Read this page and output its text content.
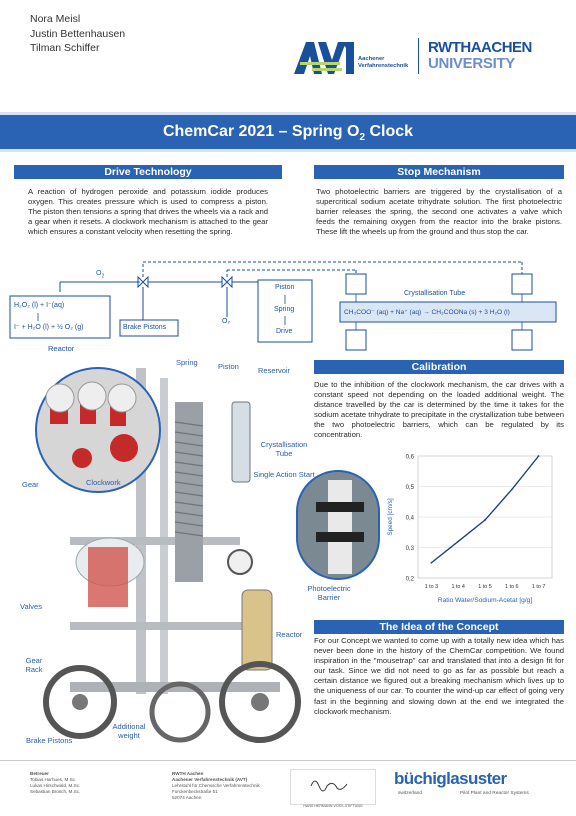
Nora Meisl
Justin Bettenhausen
Tilman Schiffer
Aachener
Verfahrenstechnik
RWTHAACHEN
UNIVERSITY
ChemCar 2021 – Spring $O_2$ Clock
Drive Technology
A reaction of hydrogen peroxide and potassium iodide produces oxygen. This creates pressure which is used to compress a piston. The piston then tensions a spring that drives the wheels via a rack and a gear when it resets. A clockwork mechanism is attached to the gear which ensures a constant velocity when resetting the spring.
Stop Mechanism
Two photoelectric barriers are triggered by the crystallisation of a supercritical sodium acetate trihydrate solution. The first photoelectric barrier releases the spring, the second one activates a valve which feeds the remaining oxygen from the reactor into the brake pistons. These lift the wheels up from the ground and thus stop the car.
$O_2$
H₂O₂ (l) + I⁻(aq)
I⁻ + H₂O (l) + ½ O₂ (g)
Reactor
Brake Pistons
Piston
Spring
Drive
O₂
Crystallisation Tube
CH₃COO⁻ (aq) + Na⁺ (aq) → CH₃COONa (s) + 3 H₂O (l)
Spring	Piston	Reservoir
Crystallisation Tube
Single Action Start
Gear	Clockwork
Photoelectric Barrier
Valves
Reactor
Gear Rack
Additional weight
Brake Pistons
Calibration
Due to the inhibition of the clockwork mechanism, the car drives with a constant speed not depending on the loaded additional weight. The distance travelled by the car is determined by the time it takes for the sodium acetate trihydrate to precipitate in the crystallization tube between the two photoelectric barriers, which can be regulated by its concentration.
0,2
0,3
0,4
0,5
0,6
1 to 3 1 to 4 1 to 5 1 to 6 1 to 7
Ratio Water/Sodium-Acetat [g/g]
Speed [cm/s]
The Idea of the Concept
For our Concept we wanted to come up with a totally new idea which has never been done in the history of the ChemCar competition. We found inspiration in the "mousetrap" car and translated that into a design fit for our task. Since we did not need to go as far as possible but reach a certain distance we figured out a breaking mechanism which lives up to the uniqueness of our car. To counter the wind-up car effect of going very fast in the beginning and slowing down at the end we integrated the clockwork mechanism.
Betreuer
Tobias Harhues, M.Sc.
Lukas Hirschwald, M.Sc.
Sebastian Brosch, M.Sc.
RWTH Aachen
Aachener Verfahrenstechnik (AVT)
Lehrstuhl für Chemische Verfahrenstechnik
Forckenbeckstraße 51
52074 Aachen
HANS HERMANN VOSS-STIFTUNG
büchiglasuster
switzerland	Pilot Plant and Reactor Systems
